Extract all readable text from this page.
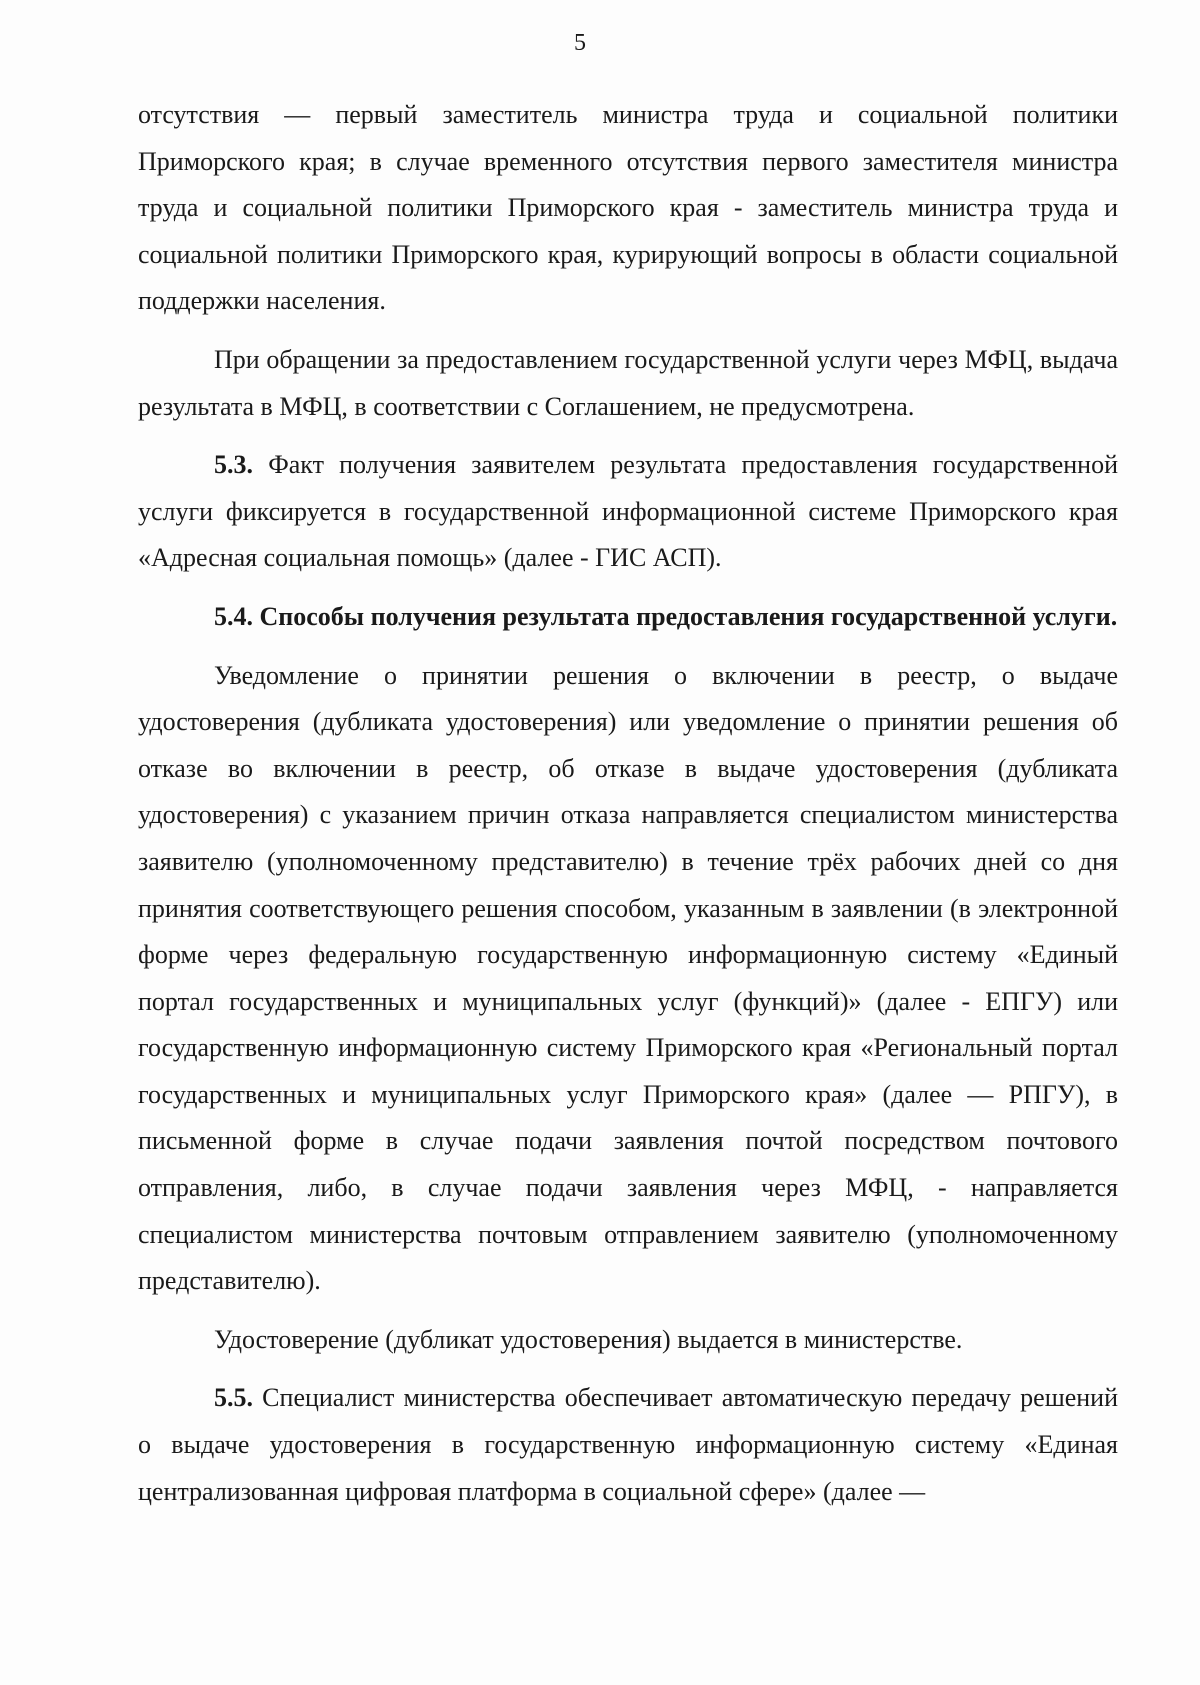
5

отсутствия — первый заместитель министра труда и социальной политики Приморского края; в случае временного отсутствия первого заместителя министра труда и социальной политики Приморского края - заместитель министра труда и социальной политики Приморского края, курирующий вопросы в области социальной поддержки населения.

При обращении за предоставлением государственной услуги через МФЦ, выдача результата в МФЦ, в соответствии с Соглашением, не предусмотрена.

5.3. Факт получения заявителем результата предоставления государственной услуги фиксируется в государственной информационной системе Приморского края «Адресная социальная помощь» (далее - ГИС АСП).

5.4. Способы получения результата предоставления государственной услуги.

Уведомление о принятии решения о включении в реестр, о выдаче удостоверения (дубликата удостоверения) или уведомление о принятии решения об отказе во включении в реестр, об отказе в выдаче удостоверения (дубликата удостоверения) с указанием причин отказа направляется специалистом министерства заявителю (уполномоченному представителю) в течение трёх рабочих дней со дня принятия соответствующего решения способом, указанным в заявлении (в электронной форме через федеральную государственную информационную систему «Единый портал государственных и муниципальных услуг (функций)» (далее - ЕПГУ) или государственную информационную систему Приморского края «Региональный портал государственных и муниципальных услуг Приморского края» (далее — РПГУ), в письменной форме в случае подачи заявления почтой посредством почтового отправления, либо, в случае подачи заявления через МФЦ, - направляется специалистом министерства почтовым отправлением заявителю (уполномоченному представителю).

Удостоверение (дубликат удостоверения) выдается в министерстве.

5.5. Специалист министерства обеспечивает автоматическую передачу решений о выдаче удостоверения в государственную информационную систему «Единая централизованная цифровая платформа в социальной сфере» (далее —
